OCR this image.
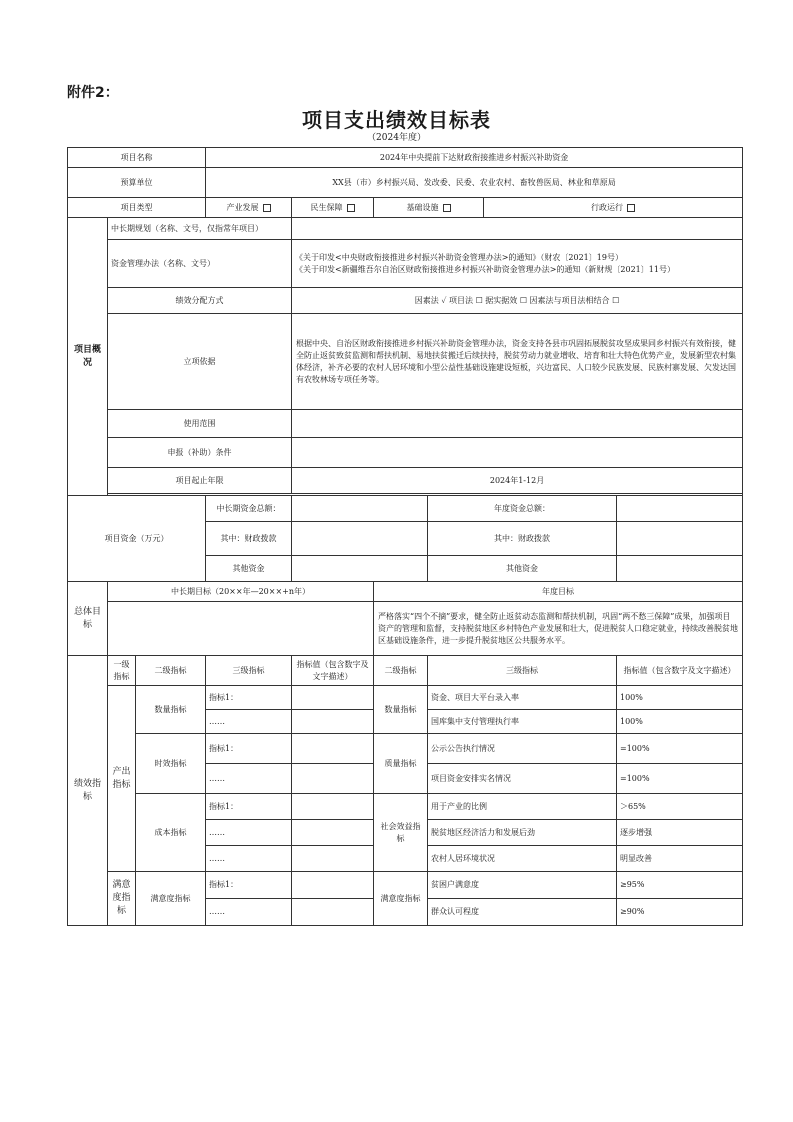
附件2：
项目支出绩效目标表
（2024年度）
项目名称			2024年中央提前下达财政衔接推进乡村振兴补助资金					
预算单位			XX县（市）乡村振兴局、发改委、民委、农业农村、畜牧兽医局、林业和草原局					
项目类型			产业发展	民生保障	基础设施		行政运行	
项目概况	中长期规划（名称、文号，仅指常年项目）							
	资金管理办法（名称、文号）			《关于印发<中央财政衔接推进乡村振兴补助资金管理办法>的通知》（财农〔2021〕19号）
《关于印发<新疆维吾尔自治区财政衔接推进乡村振兴补助资金管理办法>的通知（新财规〔2021〕11号）				

	绩效分配方式			因素法 ✓ 项目法 ☐ 据实据效 ☐ 因素法与项目法相结合 ☐				
	立项依据			根据中央、自治区财政衔接推进乡村振兴补助资金管理办法，资金支持各县市巩固拓展脱贫攻坚成果同乡村振兴有效衔接，健全防止返贫致贫监测和帮扶机制、易地扶贫搬迁后续扶持，脱贫劳动力就业增收、培育和壮大特色优势产业，发展新型农村集体经济，补齐必要的农村人居环境和小型公益性基础设施建设短板，兴边富民、人口较少民族发展、民族村寨发展、欠发达国有农牧林场专项任务等。				
	使用范围							
	申报（补助）条件							
	项目起止年限			2024年1-12月				

项目资金（万元）			中长期资金总额：			年度资金总额：		
			其中：财政拨款			其中：财政拨款		
			其他资金			其他资金		
总体目标	中长期目标（20××年—20××+n年）				年度目标			
					严格落实“四个不摘”要求，健全防止返贫动态监测和帮扶机制，巩固“两不愁三保障”成果，加强项目资产的管理和监督，支持脱贫地区乡村特色产业发展和壮大，促进脱贫人口稳定就业，持续改善脱贫地区基础设施条件，进一步提升脱贫地区公共服务水平。			
绩效指标	一级指标	二级指标	三级指标	指标值（包含数字及文字描述）	二级指标	三级指标		指标值（包含数字及文字描述）
	产出指标	数量指标	指标1：		数量指标	资金、项目大平台录入率		100%
			……			国库集中支付管理执行率		100%
		时效指标	指标1：		质量指标	公示公告执行情况		=100%
			……			项目资金安排实名情况		=100%
		成本指标	指标1：		社会效益指标	用于产业的比例		＞65%
			……			脱贫地区经济活力和发展后劲		逐步增强
			……			农村人居环境状况		明显改善
	满意度指标	满意度指标	指标1：		满意度指标	贫困户满意度		≥95%
			……			群众认可程度		≥90%
